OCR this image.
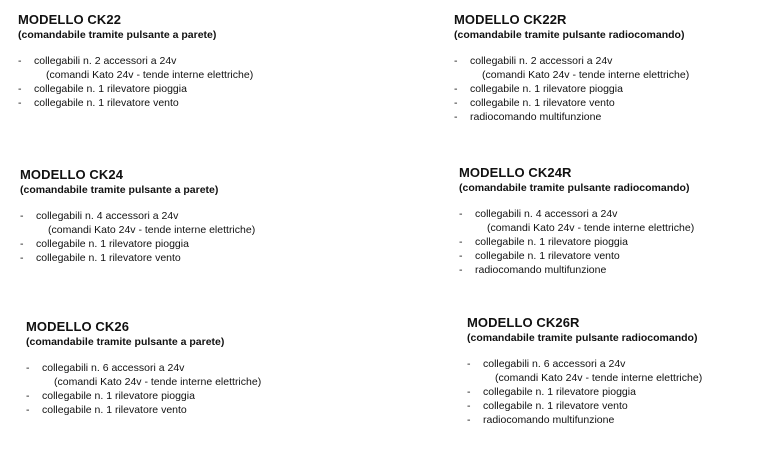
MODELLO CK22
(comandabile tramite pulsante a parete)
- collegabili n. 2 accessori a 24v
(comandi Kato 24v - tende interne elettriche)
- collegabile n. 1 rilevatore pioggia
- collegabile n. 1 rilevatore vento
MODELLO CK22R
(comandabile tramite pulsante radiocomando)
- collegabili n. 2 accessori a 24v
(comandi Kato 24v - tende interne elettriche)
- collegabile n. 1 rilevatore pioggia
- collegabile n. 1 rilevatore vento
- radiocomando multifunzione
MODELLO CK24
(comandabile tramite pulsante a parete)
- collegabili n. 4 accessori a 24v
(comandi Kato 24v - tende interne elettriche)
- collegabile n. 1 rilevatore pioggia
- collegabile n. 1 rilevatore vento
MODELLO CK24R
(comandabile tramite pulsante radiocomando)
- collegabili n. 4 accessori a 24v
(comandi Kato 24v - tende interne elettriche)
- collegabile n. 1 rilevatore pioggia
- collegabile n. 1 rilevatore vento
- radiocomando multifunzione
MODELLO CK26
(comandabile tramite pulsante a parete)
- collegabili n. 6 accessori a 24v
(comandi Kato 24v - tende interne elettriche)
- collegabile n. 1 rilevatore pioggia
- collegabile n. 1 rilevatore vento
MODELLO CK26R
(comandabile tramite pulsante radiocomando)
- collegabili n. 6 accessori a 24v
(comandi Kato 24v - tende interne elettriche)
- collegabile n. 1 rilevatore pioggia
- collegabile n. 1 rilevatore vento
- radiocomando multifunzione
